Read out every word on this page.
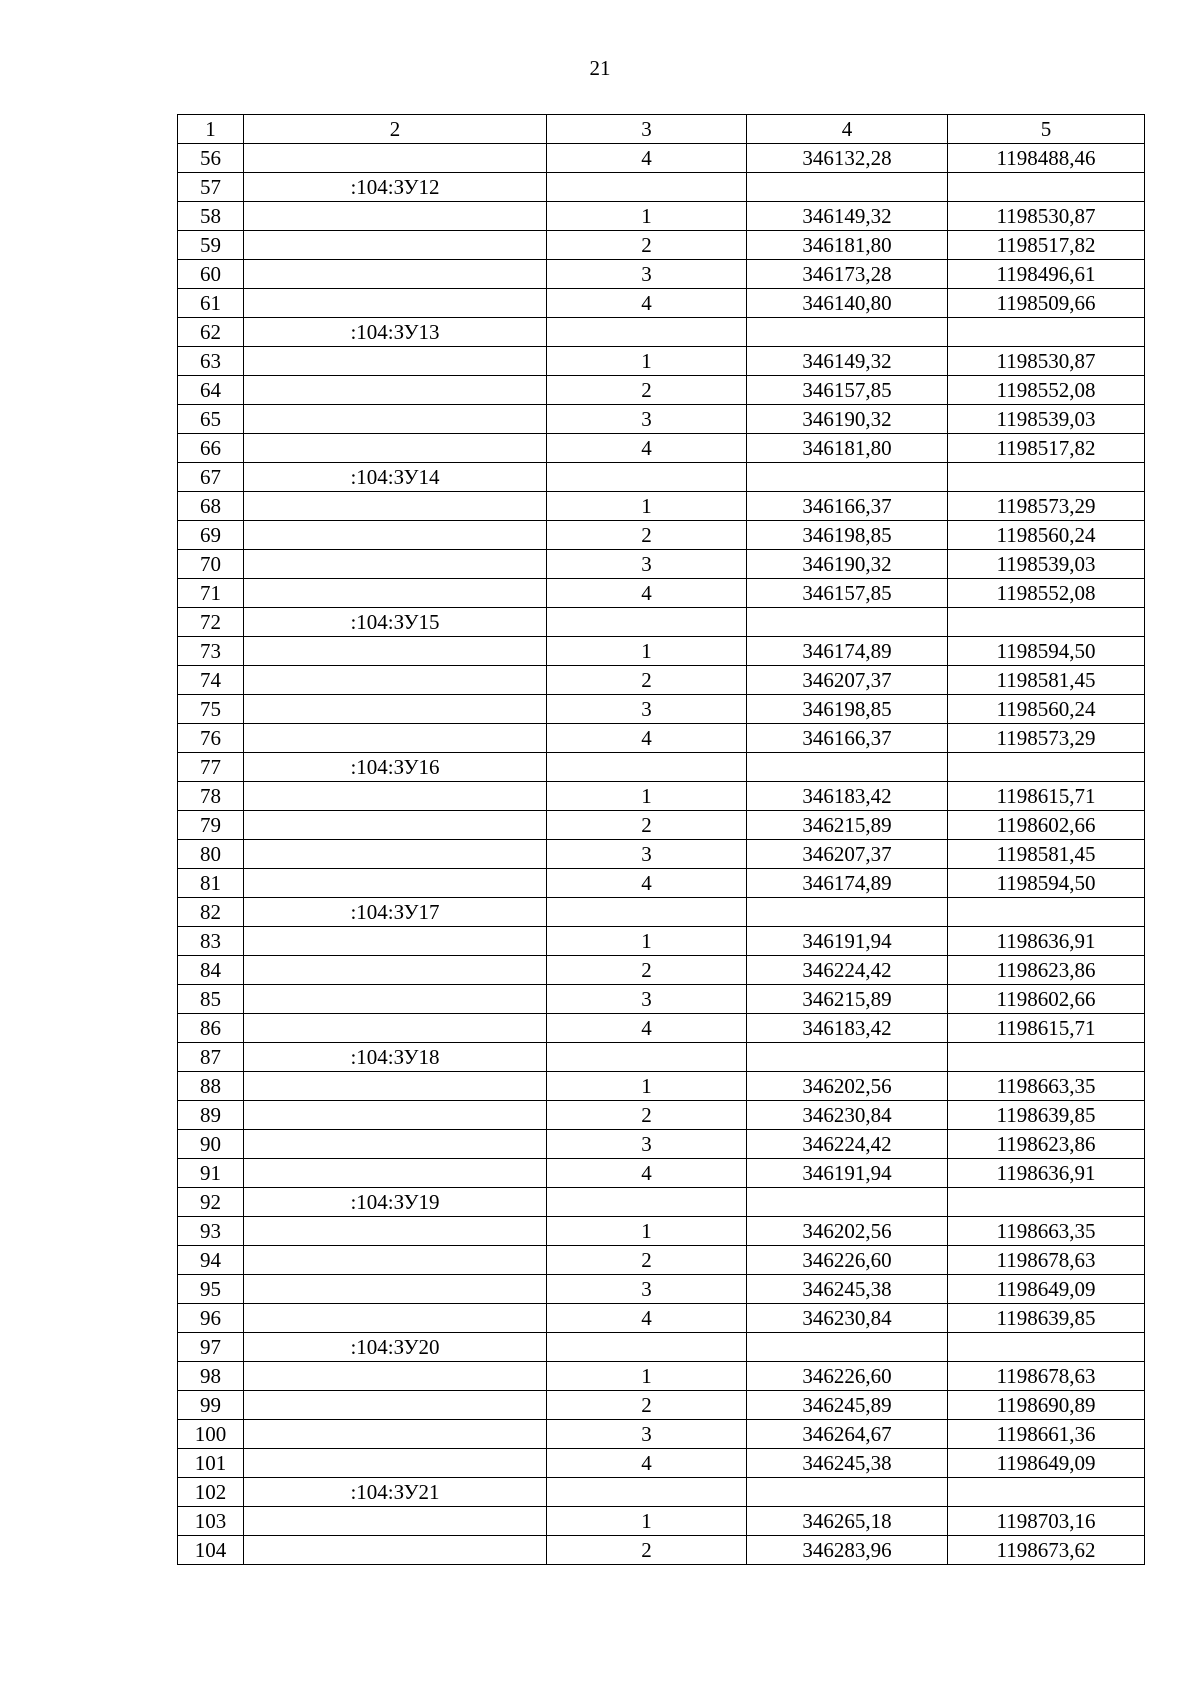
21
1	2	3	4	5
56		4	346132,28	1198488,46
57	:104:ЗУ12			
58		1	346149,32	1198530,87
59		2	346181,80	1198517,82
60		3	346173,28	1198496,61
61		4	346140,80	1198509,66
62	:104:ЗУ13			
63		1	346149,32	1198530,87
64		2	346157,85	1198552,08
65		3	346190,32	1198539,03
66		4	346181,80	1198517,82
67	:104:ЗУ14			
68		1	346166,37	1198573,29
69		2	346198,85	1198560,24
70		3	346190,32	1198539,03
71		4	346157,85	1198552,08
72	:104:ЗУ15			
73		1	346174,89	1198594,50
74		2	346207,37	1198581,45
75		3	346198,85	1198560,24
76		4	346166,37	1198573,29
77	:104:ЗУ16			
78		1	346183,42	1198615,71
79		2	346215,89	1198602,66
80		3	346207,37	1198581,45
81		4	346174,89	1198594,50
82	:104:ЗУ17			
83		1	346191,94	1198636,91
84		2	346224,42	1198623,86
85		3	346215,89	1198602,66
86		4	346183,42	1198615,71
87	:104:ЗУ18			
88		1	346202,56	1198663,35
89		2	346230,84	1198639,85
90		3	346224,42	1198623,86
91		4	346191,94	1198636,91
92	:104:ЗУ19			
93		1	346202,56	1198663,35
94		2	346226,60	1198678,63
95		3	346245,38	1198649,09
96		4	346230,84	1198639,85
97	:104:ЗУ20			
98		1	346226,60	1198678,63
99		2	346245,89	1198690,89
100		3	346264,67	1198661,36
101		4	346245,38	1198649,09
102	:104:ЗУ21			
103		1	346265,18	1198703,16
104		2	346283,96	1198673,62
